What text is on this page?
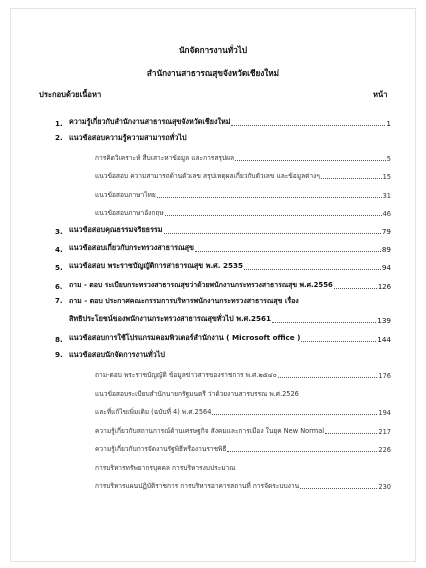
นักจัดการงานทั่วไป
สำนักงานสาธารณสุขจังหวัดเชียงใหม่
ประกอบด้วยเนื้อหา	หน้า
1. ความรู้เกี่ยวกับสำนักงานสาธารณสุขจังหวัดเชียงใหม่	1
2. แนวข้อสอบความรู้ความสามารถทั่วไป
การคิดวิเคราะห์ สืบเสาะหาข้อมูล และการสรุปผล	5
แนวข้อสอบ ความสามารถด้านตัวเลข สรุปเหตุผลเกี่ยวกับตัวเลข และข้อมูลต่างๆ	15
แนวข้อสอบภาษาไทย	31
แนวข้อสอบภาษาอังกฤษ	46
3. แนวข้อสอบคุณธรรมจริยธรรม	79
4. แนวข้อสอบเกี่ยวกับกระทรวงสาธารณสุข	89
5. แนวข้อสอบ พระราชบัญญัติการสาธารณสุข พ.ศ. 2535	94
6. ถาม - ตอบ ระเบียบกระทรวงสาธารณสุขว่าด้วยพนักงานกระทรวงสาธารณสุข พ.ศ.2556	126
7. ถาม - ตอบ ประกาศคณะกรรมการบริหารพนักงานกระทรวงสาธารณสุข เรื่อง
สิทธิประโยชน์ของพนักงานกระทรวงสาธารณสุขทั่วไป พ.ศ.2561	139
8. แนวข้อสอบการใช้โปรแกรมคอมพิวเตอร์สำนักงาน ( Microsoft office )	144
9. แนวข้อสอบนักจัดการงานทั่วไป
ถาม-ตอบ พระราชบัญญัติ ข้อมูลข่าวสารของราชการ พ.ศ.๒๕๔๐	176
แนวข้อสอบระเบียบสำนักนายกรัฐมนตรี ว่าด้วยงานสารบรรณ พ.ศ.2526
และที่แก้ไขเพิ่มเติม (ฉบับที่ 4) พ.ศ.2564	194
ความรู้เกี่ยวกับสถานการณ์ด้านเศรษฐกิจ สังคมและการเมือง ในยุค New Normal	217
ความรู้เกี่ยวกับการจัดงานรัฐพิธีหรืองานราชพิธี	226
การบริหารทรัพยากรบุคคล การบริหารงบประมาณ
การบริหารแผนปฏิบัติราชการ การบริหารอาคารสถานที่ การจัดระบบงาน	230
